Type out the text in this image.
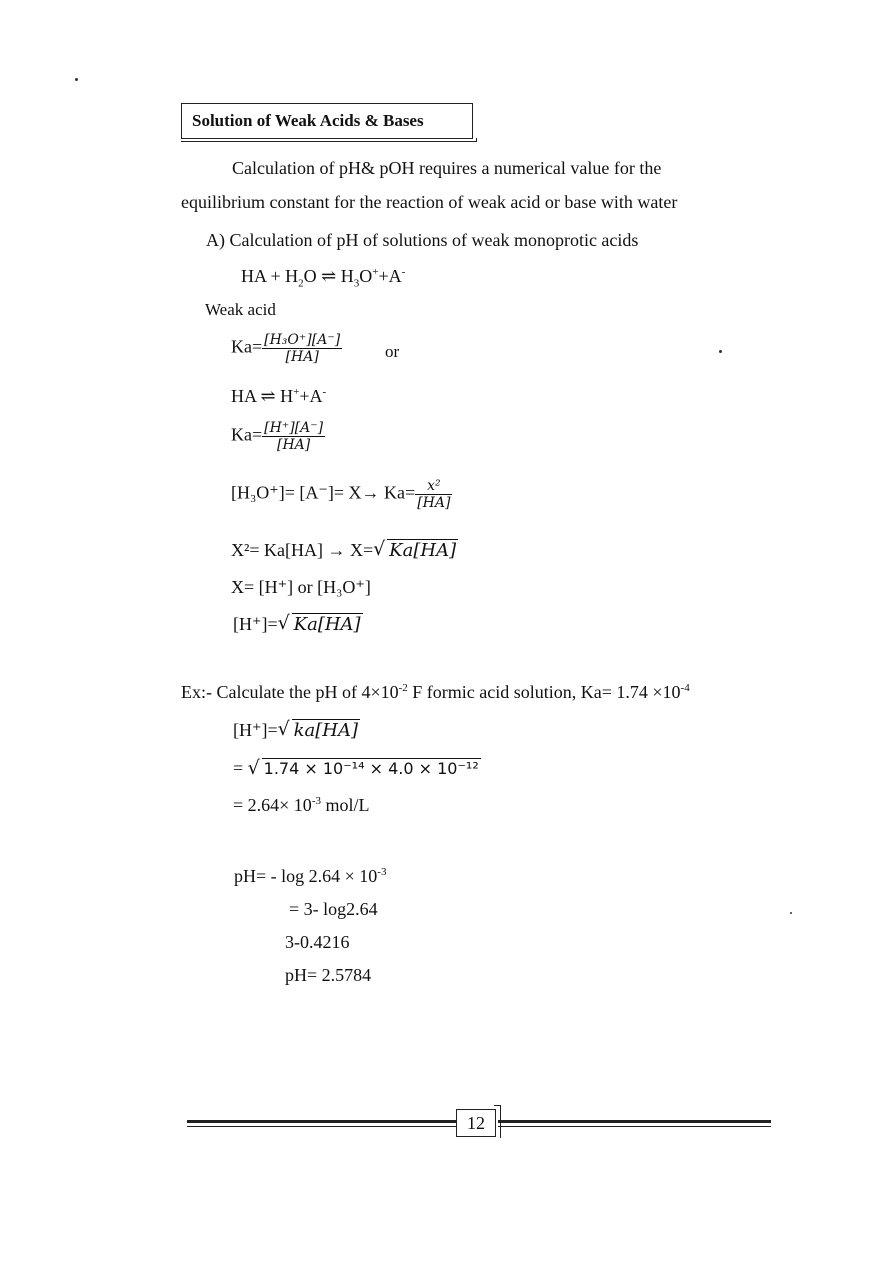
Solution of Weak Acids & Bases
Calculation of pH& pOH requires a numerical value for the
equilibrium constant for the reaction of weak acid or base with water
A) Calculation of pH of solutions of weak monoprotic acids
HA + $H_2O$ ⇌ $H_3O^++A^-$
Weak acid
$Ka= \frac{\text{[H₃O⁺][A⁻]}}{[HA]}$	or
HA ⇌ H++A-
$Ka= \frac{[H^+][A^-]}{[HA]}$
$[H_3O^+]= [A^-]= X\to Ka= \frac{\text{x²}}{[HA]}$
X²= Ka[HA] → X= √ Ka[HA]
X= [H⁺] or [H₃O⁺]
[H⁺]= √ Ka[HA]
Ex:- Calculate the pH of $4\times 10^{-2}$ F formic acid solution, $Ka= 1.74 \times 10^{-4}$
[H⁺]= √ ka[HA]
= √ 1.74 × 10⁻¹⁴ × 4.0 × 10⁻¹²
= $2.64\times 10^{-3}$ mol/L
$pH= - \log 2.64 \times 10^{-3}$
= 3- log2.64
3-0.4216
pH= 2.5784
12
